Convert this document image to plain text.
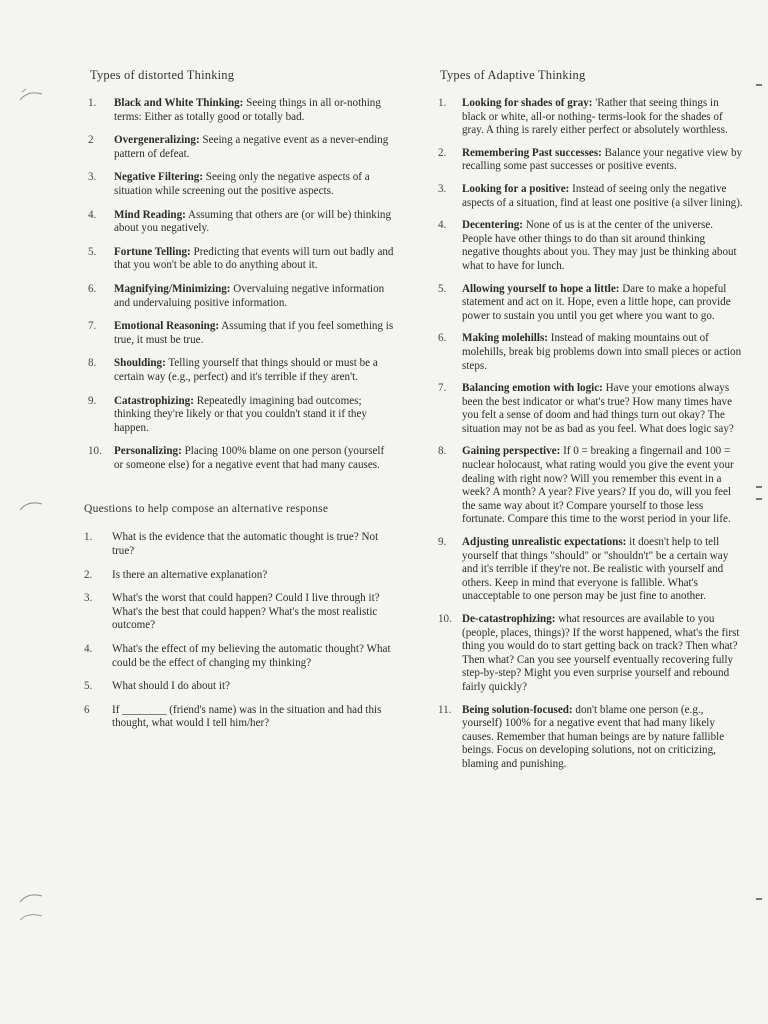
Types of distorted Thinking
1.	Black and White Thinking: Seeing things in all or-nothing terms: Either as totally good or totally bad.
2	Overgeneralizing: Seeing a negative event as a never-ending pattern of defeat.
3.	Negative Filtering: Seeing only the negative aspects of a situation while screening out the positive aspects.
4.	Mind Reading: Assuming that others are (or will be) thinking about you negatively.
5.	Fortune Telling: Predicting that events will turn out badly and that you won't be able to do anything about it.
6.	Magnifying/Minimizing: Overvaluing negative information and undervaluing positive information.
7.	Emotional Reasoning: Assuming that if you feel something is true, it must be true.
8.	Shoulding: Telling yourself that things should or must be a certain way (e.g., perfect) and it's terrible if they aren't.
9.	Catastrophizing: Repeatedly imagining bad outcomes; thinking they're likely or that you couldn't stand it if they happen.
10.	Personalizing: Placing 100% blame on one person (yourself or someone else) for a negative event that had many causes.
Questions to help compose an alternative response
1.	What is the evidence that the automatic thought is true? Not true?
2.	Is there an alternative explanation?
3.	What's the worst that could happen? Could I live through it? What's the best that could happen? What's the most realistic outcome?
4.	What's the effect of my believing the automatic thought? What could be the effect of changing my thinking?
5.	What should I do about it?
6	If ________ (friend's name) was in the situation and had this thought, what would I tell him/her?
Types of Adaptive Thinking
1.	Looking for shades of gray: 'Rather that seeing things in black or white, all-or nothing- terms-look for the shades of gray. A thing is rarely either perfect or absolutely worthless.
2.	Remembering Past successes: Balance your negative view by recalling some past successes or positive events.
3.	Looking for a positive: Instead of seeing only the negative aspects of a situation, find at least one positive (a silver lining).
4.	Decentering: None of us is at the center of the universe. People have other things to do than sit around thinking negative thoughts about you. They may just be thinking about what to have for lunch.
5.	Allowing yourself to hope a little: Dare to make a hopeful statement and act on it. Hope, even a little hope, can provide power to sustain you until you get where you want to go.
6.	Making molehills: Instead of making mountains out of molehills, break big problems down into small pieces or action steps.
7.	Balancing emotion with logic: Have your emotions always been the best indicator or what's true? How many times have you felt a sense of doom and had things turn out okay? The situation may not be as bad as you feel. What does logic say?
8.	Gaining perspective: If 0 = breaking a fingernail and 100 = nuclear holocaust, what rating would you give the event your dealing with right now? Will you remember this event in a week? A month? A year? Five years? If you do, will you feel the same way about it? Compare yourself to those less fortunate. Compare this time to the worst period in your life.
9.	Adjusting unrealistic expectations: it doesn't help to tell yourself that things "should" or "shouldn't" be a certain way and it's terrible if they're not. Be realistic with yourself and others. Keep in mind that everyone is fallible. What's unacceptable to one person may be just fine to another.
10. De-catastrophizing: what resources are available to you (people, places, things)? If the worst happened, what's the first thing you would do to start getting back on track? Then what? Then what? Can you see yourself eventually recovering fully step-by-step? Might you even surprise yourself and rebound fairly quickly?
11. Being solution-focused: don't blame one person (e.g., yourself) 100% for a negative event that had many likely causes. Remember that human beings are by nature fallible beings. Focus on developing solutions, not on criticizing, blaming and punishing.
